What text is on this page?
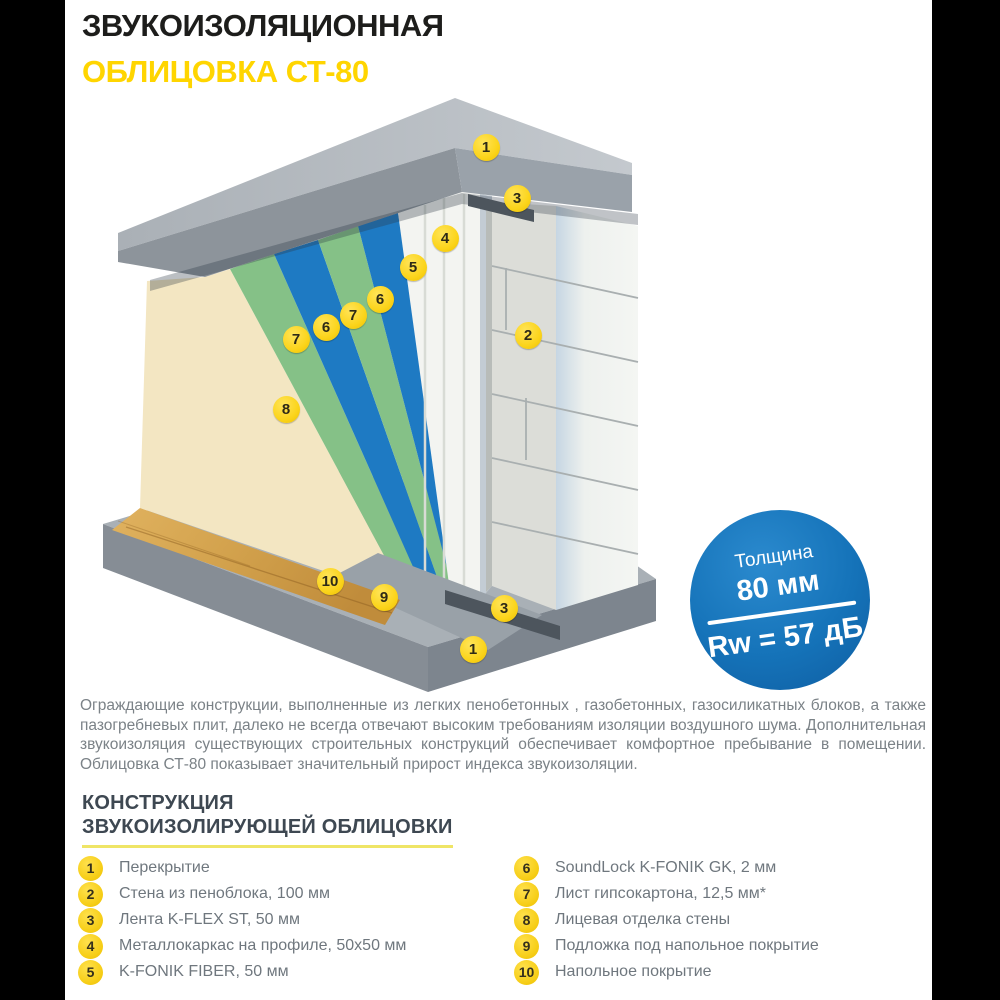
ЗВУКОИЗОЛЯЦИОННАЯ
ОБЛИЦОВКА СТ-80
1
3
4
5
6
7
6
7	2
8
10
9
3
1
Толщина
80 мм
Rw = 57 дБ

Ограждающие конструкции, выполненные из легких пенобетонных , газобетонных, газосиликатных блоков, а также пазогребневых плит, далеко не всегда отвечают высоким требованиям изоляции воздушного шума. Дополнительная звукоизоляция существующих строительных конструкций обеспечивает комфортное пребывание в помещении. Облицовка СТ-80 показывает значительный прирост индекса звукоизоляции.

КОНСТРУКЦИЯ
ЗВУКОИЗОЛИРУЮЩЕЙ ОБЛИЦОВКИ
1	Перекрытие
2	Стена из пеноблока, 100 мм
3	Лента K-FLEX ST, 50 мм
4	Металлокаркас на профиле, 50x50 мм
5	K-FONIK FIBER, 50 мм
6	SoundLock K-FONIK GK, 2 мм
7	Лист гипсокартона, 12,5 мм*
8	Лицевая отделка стены
9	Подложка под напольное покрытие
10 Напольное покрытие
